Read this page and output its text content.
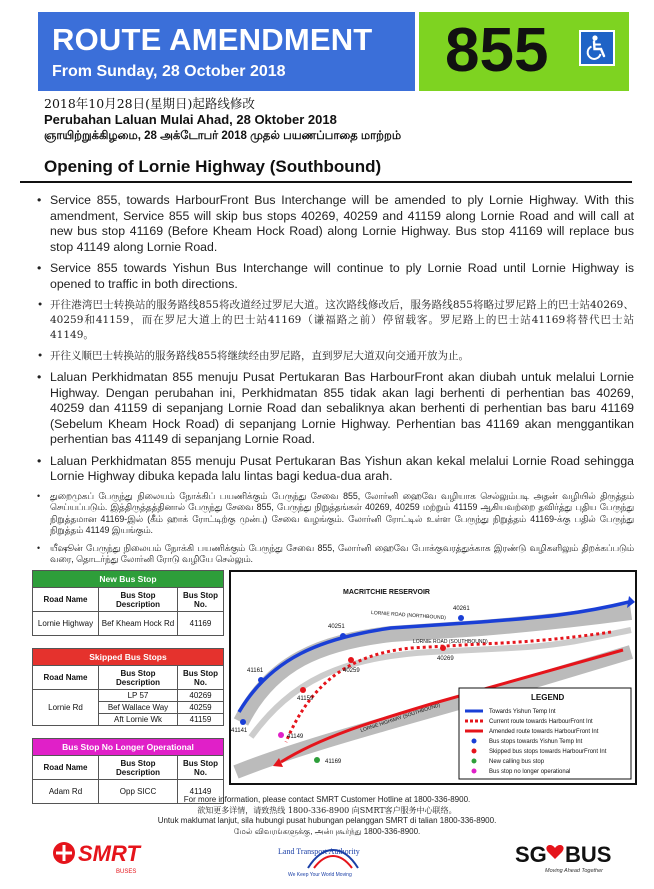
ROUTE AMENDMENT
From Sunday, 28 October 2018	855
2018年10月28日(星期日)起路线修改
Perubahan Laluan Mulai Ahad, 28 Oktober 2018
ஞாயிற்றுக்கிழமை, 28 அக்டோபர் 2018 முதல் பயணப்பாதை மாற்றம்
Opening of Lornie Highway (Southbound)
• Service 855, towards HarbourFront Bus Interchange will be amended to ply Lornie Highway. With this amendment, Service 855 will skip bus stops 40269, 40259 and 41159 along Lornie Road and will call at new bus stop 41169 (Before Kheam Hock Road) along Lornie Highway. Bus stop 41169 will replace bus stop 41149 along Lornie Road.
• Service 855 towards Yishun Bus Interchange will continue to ply Lornie Road until Lornie Highway is opened to traffic in both directions.
• 开往港湾巴士转换站的服务路线855将改道经过罗尼大道。这次路线修改后，服务路线855将略过罗尼路上的巴士站40269、40259和41159，而在罗尼大道上的巴士站41169（谦福路之前）停留载客。罗尼路上的巴士站41169将替代巴士站41149。
• 开往义顺巴士转换站的服务路线855将继续经由罗尼路，直到罗尼大道双向交通开放为止。
• Laluan Perkhidmatan 855 menuju Pusat Pertukaran Bas HarbourFront akan diubah untuk melalui Lornie Highway. Dengan perubahan ini, Perkhidmatan 855 tidak akan lagi berhenti di perhentian bas 40269, 40259 dan 41159 di sepanjang Lornie Road dan sebaliknya akan berhenti di perhentian bas baru 41169 (Sebelum Kheam Hock Road) di sepanjang Lornie Highway. Perhentian bas 41169 akan menggantikan perhentian bas 41149 di sepanjang Lornie Road.
• Laluan Perkhidmatan 855 menuju Pusat Pertukaran Bas Yishun akan kekal melalui Lornie Road sehingga Lornie Highway dibuka kepada lalu lintas bagi kedua-dua arah.
• துறைமுகப் பேருந்து நிலையம் நோக்கிப் பயணிக்கும் பேருந்து சேவை 855, லோர்னி ஹைவே வழியாக செல்லும்படி அதன் வழியில் திருத்தம் செய்யப்படும். இத்திருத்தத்தினால் பேருந்து சேவை 855, பேருந்து நிறுத்தங்கள் 40269, 40259 மற்றும் 41159 ஆகியவற்றை தவிர்த்து புதிய பேருந்து நிறுத்தமான 41169-இல் (கீம் ஹாக் ரோட்டிற்கு முன்பு) சேவை வழங்கும். லோர்னி ரோட்டில் உள்ள பேருந்து நிறுத்தம் 41169-க்கு பதில் பேருந்து நிறுத்தம் 41149 இயங்கும்.
• யீஷூன் பேருந்து நிலையம் நோக்கி பயணிக்கும் பேருந்து சேவை 855, லோர்னி ஹைவே போக்குவரத்துக்காக இரண்டு வழிகளிலும் திறக்கப்படும் வரை, தொடர்ந்து லோர்னி ரோடு வழியே செல்லும்.
New Bus Stop		
Road Name	Bus Stop Description	Bus Stop No.
Lornie Highway	Bef Kheam Hock Rd	41169
Skipped Bus Stops		
Road Name	Bus Stop Description	Bus Stop No.
Lornie Rd	LP 57	40269
	Bef Wallace Way	40259
	Aft Lornie Wk	41159
Bus Stop No Longer Operational		
Road Name	Bus Stop Description	Bus Stop No.
Adam Rd	Opp SICC	41149
MACRITCHIE RESERVOIR
LORNIE ROAD (NORTHBOUND)
LORNIE ROAD (SOUTHBOUND)
LORNIE HIGHWAY (SOUTHBOUND)
40261
40251
41161
41141
40269
40259
41159
41149
41169
LEGEND
Towards Yishun Temp Int
Current route towards HarbourFront Int
Amended route towards HarbourFront Int
Bus stops towards Yishun Temp Int
Skipped bus stops towards HarbourFront Int
New calling bus stop
Bus stop no longer operational
For more information, please contact SMRT Customer Hotline at 1800-336-8900.
欲知更多详情，请致热线 1800-336-8900 向SMRT客户服务中心联络。
Untuk maklumat lanjut, sila hubungi pusat hubungan pelanggan SMRT di talian 1800-336-8900.
மேல் விவரங்களுக்கு, அன்புகூர்ந்து 1800-336-8900.
SMRT
BUSES
Land Transport Authority
We Keep Your World Moving
SG BUS
Moving Ahead Together
